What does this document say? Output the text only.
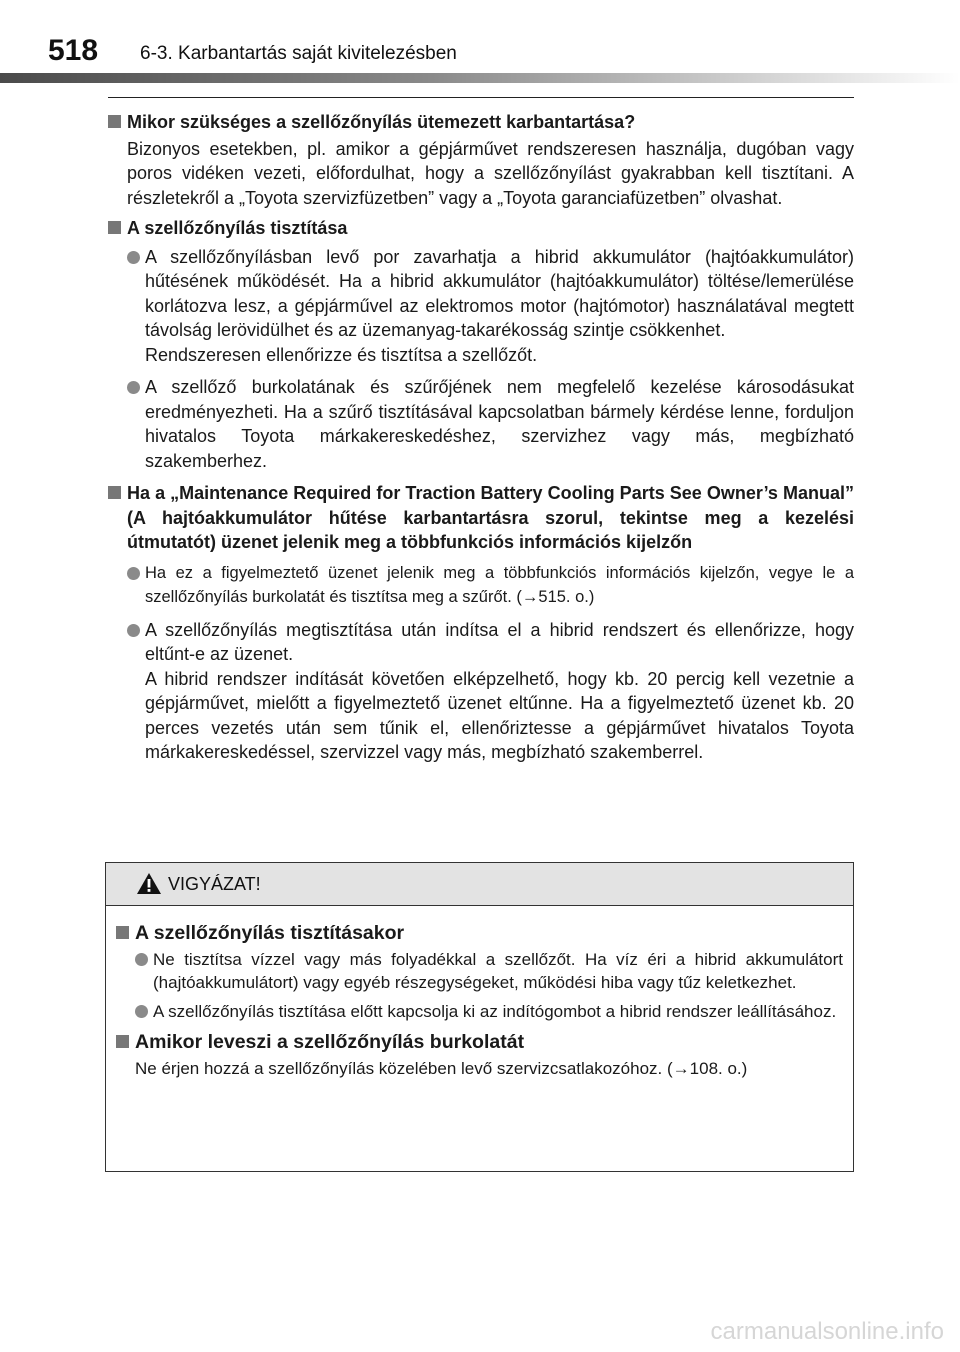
518 6-3. Karbantartás saját kivitelezésben
Mikor szükséges a szellőzőnyílás ütemezett karbantartása?
Bizonyos esetekben, pl. amikor a gépjárművet rendszeresen használja, dugóban vagy poros vidéken vezeti, előfordulhat, hogy a szellőzőnyílást gyakrabban kell tisztítani. A részletekről a „Toyota szervizfüzetben” vagy a „Toyota garanciafüzetben” olvashat.
A szellőzőnyílás tisztítása

A szellőzőnyílásban levő por zavarhatja a hibrid akkumulátor (hajtóakkumulátor) hűtésének működését. Ha a hibrid akkumulátor (hajtóakkumulátor) töltése/lemerülése korlátozva lesz, a gépjárművel az elektromos motor (hajtómotor) használatával megtett távolság lerövidülhet és az üzemanyag-takarékosság szintje csökkenhet.

Rendszeresen ellenőrizze és tisztítsa a szellőzőt.

A szellőző burkolatának és szűrőjének nem megfelelő kezelése károsodásukat eredményezheti. Ha a szűrő tisztításával kapcsolatban bármely kérdése lenne, forduljon hivatalos Toyota márkakereskedéshez, szervizhez vagy más, megbízható szakemberhez.

Ha a „Maintenance Required for Traction Battery Cooling Parts See Owner’s Manual” (A hajtóakkumulátor hűtése karbantartásra szorul, tekintse meg a kezelési útmutatót) üzenet jelenik meg a többfunkciós információs kijelzőn

Ha ez a figyelmeztető üzenet jelenik meg a többfunkciós információs kijelzőn, vegye le a szellőzőnyílás burkolatát és tisztítsa meg a szűrőt. (→515. o.)

A szellőzőnyílás megtisztítása után indítsa el a hibrid rendszert és ellenőrizze, hogy eltűnt-e az üzenet.

A hibrid rendszer indítását követően elképzelhető, hogy kb. 20 percig kell vezetnie a gépjárművet, mielőtt a figyelmeztető üzenet eltűnne. Ha a figyelmeztető üzenet kb. 20 perces vezetés után sem tűnik el, ellenőriztesse a gépjárművet hivatalos Toyota márkakereskedéssel, szervizzel vagy más, megbízható szakemberrel.

VIGYÁZAT!
A szellőzőnyílás tisztításakor
Ne tisztítsa vízzel vagy más folyadékkal a szellőzőt. Ha víz éri a hibrid akkumulátort (hajtóakkumulátort) vagy egyéb részegységeket, működési hiba vagy tűz keletkezhet.
A szellőzőnyílás tisztítása előtt kapcsolja ki az indítógombot a hibrid rendszer leállításához.
Amikor leveszi a szellőzőnyílás burkolatát
Ne érjen hozzá a szellőzőnyílás közelében levő szervizcsatlakozóhoz. (→108. o.)
carmanualsonline.info
